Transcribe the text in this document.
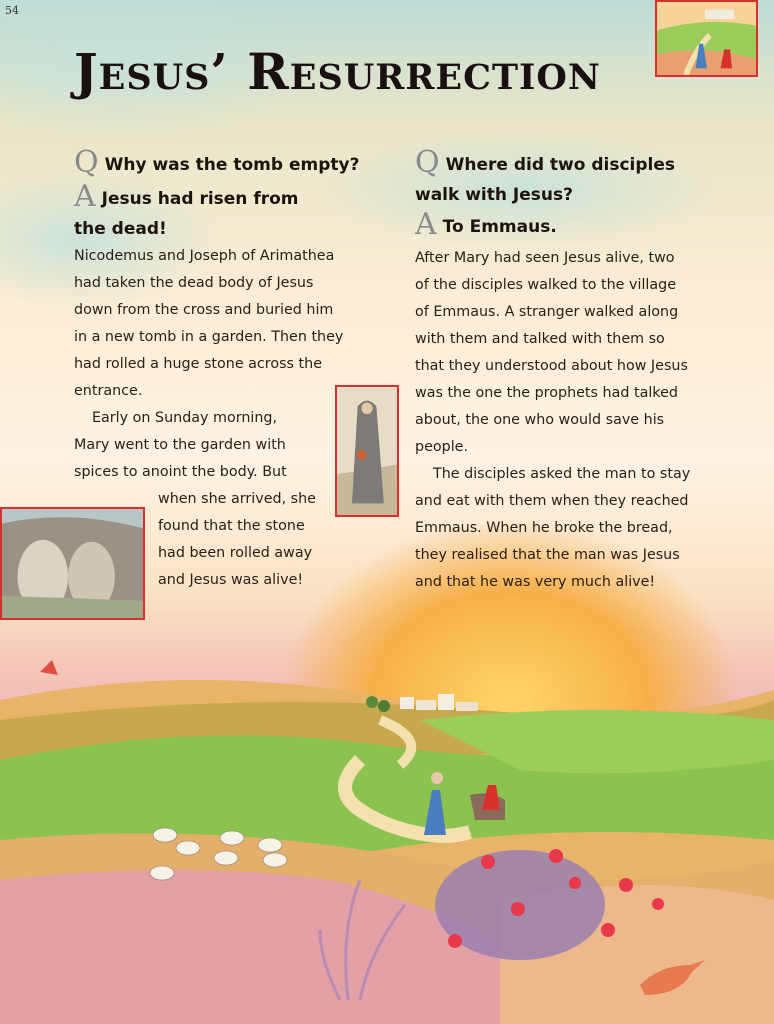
54
Jesus’ Resurrection
Q Why was the tomb empty?
A Jesus had risen from
the dead!
Nicodemus and Joseph of Arimathea
had taken the dead body of Jesus
down from the cross and buried him
in a new tomb in a garden. Then they
had rolled a huge stone across the
entrance.
Early on Sunday morning,
Mary went to the garden with
spices to anoint the body. But
when she arrived, she
found that the stone
had been rolled away
and Jesus was alive!
Q Where did two disciples
walk with Jesus?
A To Emmaus.
After Mary had seen Jesus alive, two
of the disciples walked to the village
of Emmaus. A stranger walked along
with them and talked with them so
that they understood about how Jesus
was the one the prophets had talked
about, the one who would save his
people.
The disciples asked the man to stay
and eat with them when they reached
Emmaus. When he broke the bread,
they realised that the man was Jesus
and that he was very much alive!
